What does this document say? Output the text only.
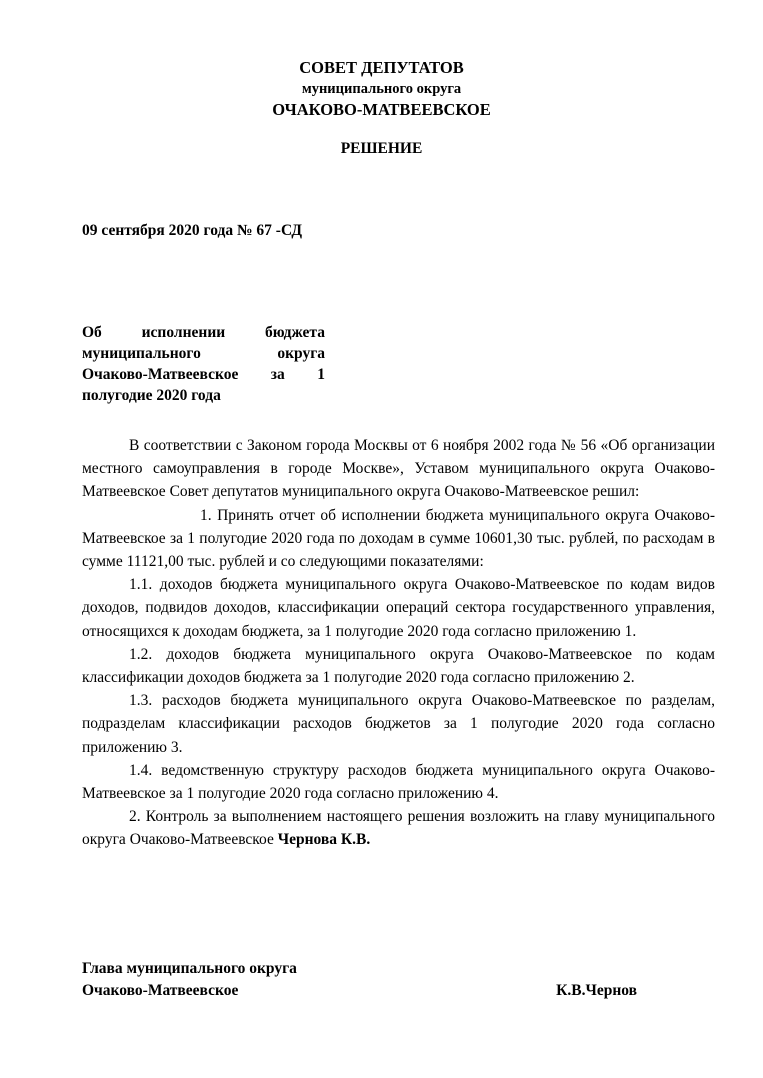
СОВЕТ ДЕПУТАТОВ
муниципального округа
ОЧАКОВО-МАТВЕЕВСКОЕ
РЕШЕНИЕ
09 сентября 2020 года № 67 -СД
Об исполнении бюджета
муниципального округа
Очаково-Матвеевское за 1
полугодие 2020 года

В соответствии с Законом города Москвы от 6 ноября 2002 года № 56 «Об организации местного самоуправления в городе Москве», Уставом муниципального округа Очаково-Матвеевское Совет депутатов муниципального округа Очаково-Матвеевское решил:

1. Принять отчет об исполнении бюджета муниципального округа Очаково-Матвеевское за 1 полугодие 2020 года по доходам в сумме 10601,30 тыс. рублей, по расходам в сумме 11121,00 тыс. рублей и со следующими показателями:

1.1. доходов бюджета муниципального округа Очаково-Матвеевское по кодам видов доходов, подвидов доходов, классификации операций сектора государственного управления, относящихся к доходам бюджета, за 1 полугодие 2020 года согласно приложению 1.

1.2. доходов бюджета муниципального округа Очаково-Матвеевское по кодам классификации доходов бюджета за 1 полугодие 2020 года согласно приложению 2.

1.3. расходов бюджета муниципального округа Очаково-Матвеевское по разделам, подразделам классификации расходов бюджетов за 1 полугодие 2020 года согласно приложению 3.

1.4. ведомственную структуру расходов бюджета муниципального округа Очаково-Матвеевское за 1 полугодие 2020 года согласно приложению 4.

2. Контроль за выполнением настоящего решения возложить на главу муниципального округа Очаково-Матвеевское Чернова К.В.

Глава муниципального округа
Очаково-Матвеевское	К.В.Чернов
